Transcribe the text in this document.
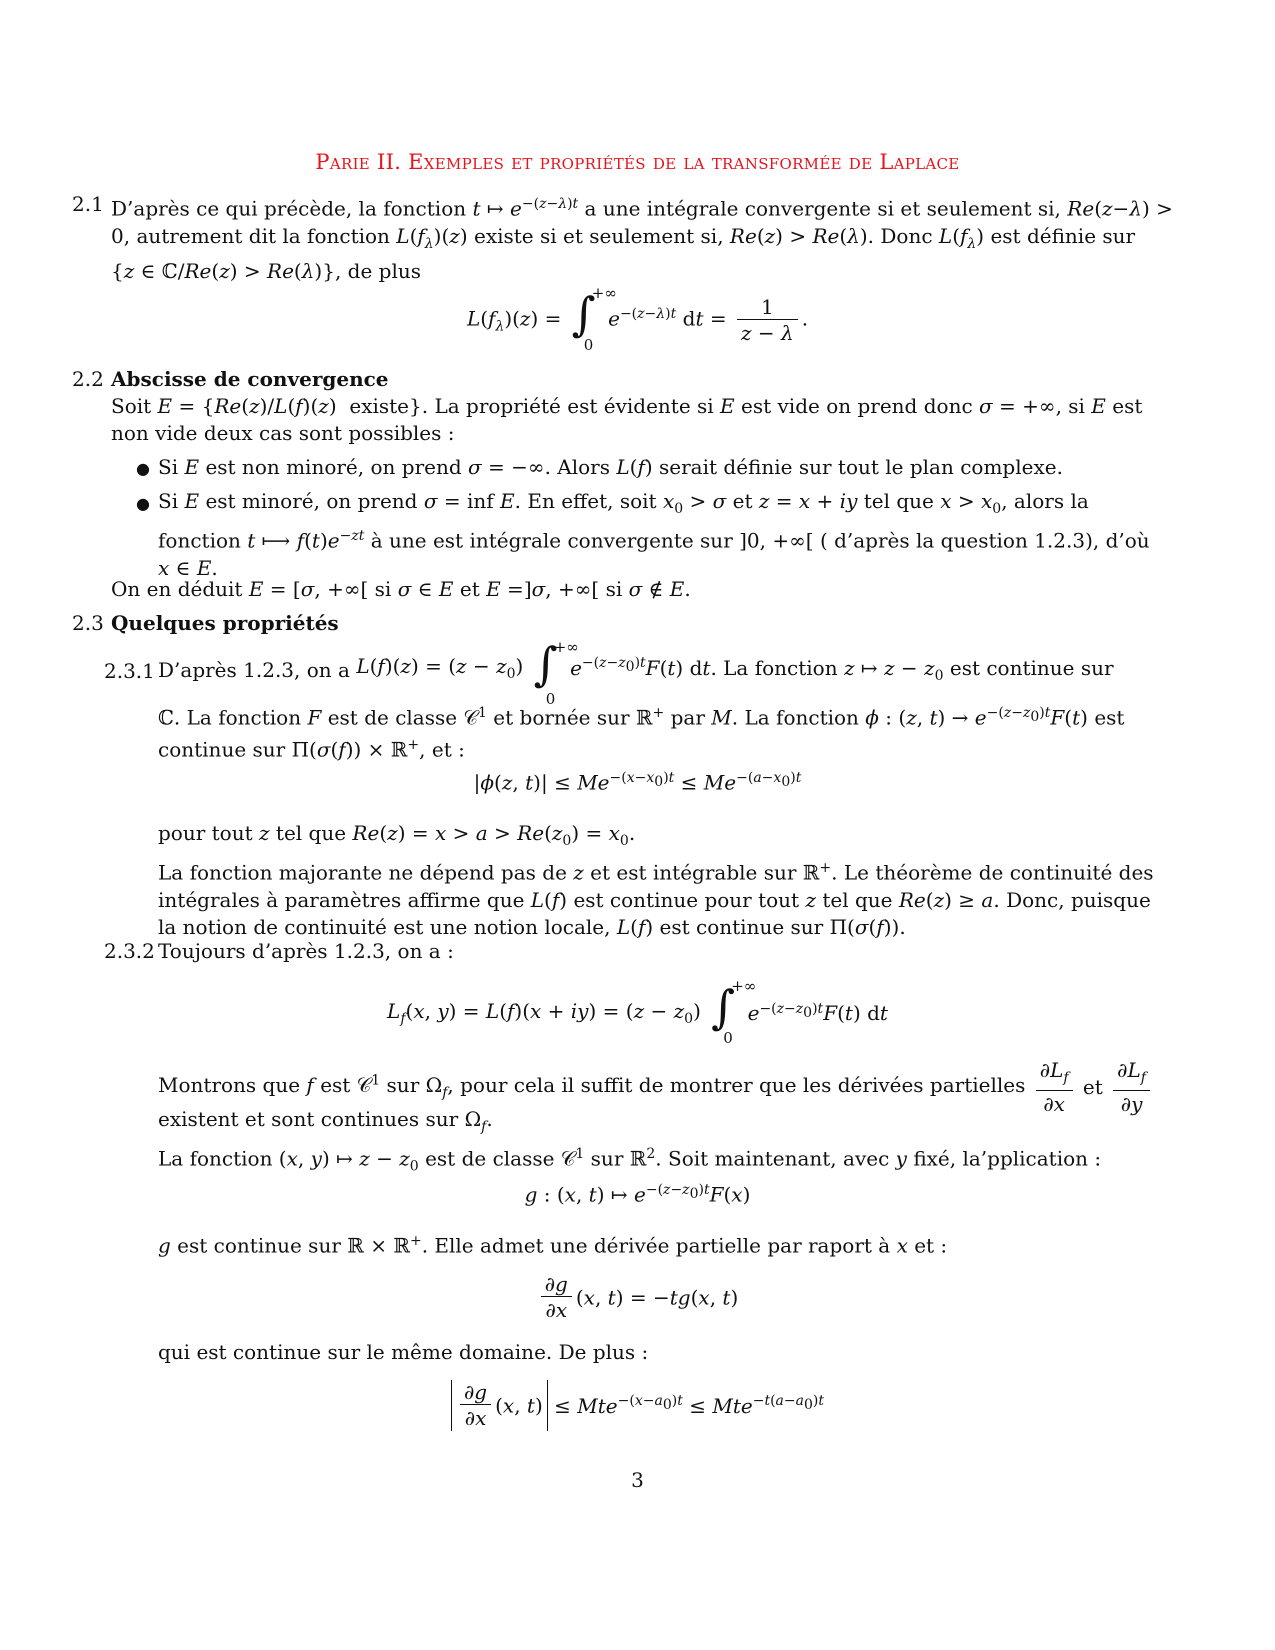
Parie II. Exemples et propriétés de la transformée de Laplace
2.1 D’après ce qui précède, la fonction t ↦ $e^{-(z-\lambda)t}$ a une intégrale convergente si et seulement si, Re(z−λ) >
0, autrement dit la fonction $L(f_\lambda)(z)$ existe si et seulement si, Re(z) > Re(λ). Donc $L(f_\lambda)$ est définie sur
{z ∈ ℂ/Re(z) > Re(λ)}, de plus
$L(f_\lambda)(z)$ = ∫
+∞
0
$e^{-(z-\lambda)t}$ dt = $\frac{1}{z - \lambda}$ .
2.2 Abscisse de convergence
Soit E = {Re(z)/L(f)(z)  existe}. La propriété est évidente si E est vide on prend donc σ = +∞, si E est
non vide deux cas sont possibles :
● Si E est non minoré, on prend σ = −∞. Alors L(f) serait définie sur tout le plan complexe.
● Si E est minoré, on prend σ = inf E. En effet, soit $x_0 > \sigma$ et z = x + iy tel que $x > x_0$, alors la
fonction t ⟼ $f(t)e^{-zt}$ à une est intégrale convergente sur ]0, +∞[ ( d’après la question 1.2.3), d’où
x ∈ E.
On en déduit E = [σ, +∞[ si σ ∈ E et E =]σ, +∞[ si σ ∉ E.
2.3 Quelques propriétés
2.3.1 D’après 1.2.3, on a $L(f)(z) = (z - z_0)$ ∫
+∞
0
$e^{-(z-z_0)t}F(t)$ dt. La fonction z ↦ $z - z_0$ est continue sur
ℂ. La fonction F est de classe 𝒞$^1$ et bornée sur ℝ+ par M. La fonction ϕ : (z, $t) \to e^{-(z-z_0)t}F(t)$ est
continue sur Π(σ(f)) × ℝ+, et :
|ϕ(z, $t)| \le Me^{-(x-x_0)t} \le Me^{-(a-x_0)t}$
pour tout z tel que $Re(z) = x > a > Re(z_0) = x_0$.
La fonction majorante ne dépend pas de z et est intégrable sur ℝ+. Le théorème de continuité des
intégrales à paramètres affirme que L(f) est continue pour tout z tel que Re(z) ≥ a. Donc, puisque
la notion de continuité est une notion locale, L(f) est continue sur Π(σ(f)).
2.3.2 Toujours d’après 1.2.3, on a :
$L_f(x$, $y) = L(f)(x + iy) = (z - z_0)$ ∫
+∞
0
$e^{-(z-z_0)t}F(t)$ dt
Montrons que f est 𝒞$^1$ sur $\Omega_f$, pour cela il suffit de montrer que les dérivées partielles $\frac{\partial L_f}{\partial x}$ et $\frac{\partial L_f}{\partial y}$
existent et sont continues sur $\Omega_f$.
La fonction (x, y) ↦ $z - z_0$ est de classe 𝒞$^1$ sur ℝ$^2$. Soit maintenant, avec y fixé, la’pplication :
g : (x, t) ↦ $e^{-(z-z_0)t}F(x)$
g est continue sur ℝ × ℝ+. Elle admet une dérivée partielle par raport à x et :
$\frac{\partial g}{\partial x} (x$, t) = −tg(x, t)
qui est continue sur le même domaine. De plus :
$\frac{\partial g}{\partial x} (x$, t) ≤ Mte$^{-(x-a_0)t}$ ≤ Mte$^{-t(a-a_0)t}$
3
